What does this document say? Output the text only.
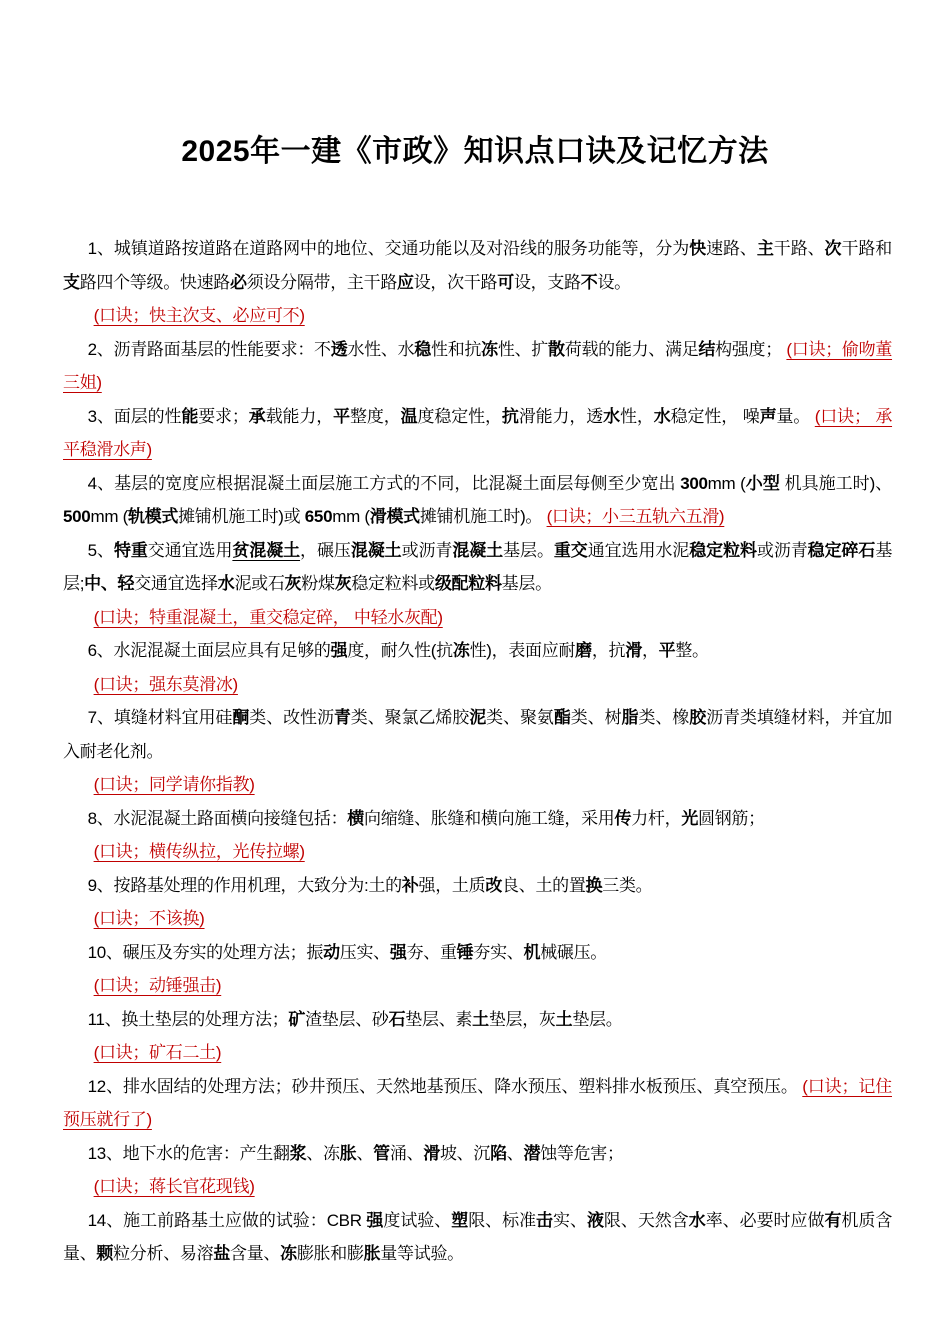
2025年一建《市政》知识点口诀及记忆方法

1、城镇道路按道路在道路网中的地位、交通功能以及对沿线的服务功能等，分为快速路、主干路、次干路和支路四个等级。快速路必须设分隔带，主干路应设，次干路可设，支路不设。

(口诀；快主次支、必应可不)

2、沥青路面基层的性能要求：不透水性、水稳性和抗冻性、扩散荷载的能力、满足结构强度； (口诀；偷吻董三姐)

3、面层的性能要求；承载能力，平整度，温度稳定性，抗滑能力，透水性，水稳定性， 噪声量。 (口诀； 承平稳滑水声)

4、基层的宽度应根据混凝土面层施工方式的不同，比混凝土面层每侧至少宽出 300mm (小型 机具施工时)、 500mm (轨模式摊铺机施工时)或 650mm (滑模式摊铺机施工时)。 (口诀；小三五轨六五滑)

5、特重交通宜选用贫混凝土，碾压混凝土或沥青混凝土基层。重交通宜选用水泥稳定粒料或沥青稳定碎石基层;中、轻交通宜选择水泥或石灰粉煤灰稳定粒料或级配粒料基层。

(口诀；特重混凝土，重交稳定碎， 中轻水灰配)

6、水泥混凝土面层应具有足够的强度，耐久性(抗冻性)，表面应耐磨，抗滑，平整。

(口诀；强东莫滑冰)

7、填缝材料宜用硅酮类、改性沥青类、聚氯乙烯胶泥类、聚氨酯类、树脂类、橡胶沥青类填缝材料，并宜加入耐老化剂。

(口诀；同学请你指教)

8、水泥混凝土路面横向接缝包括：横向缩缝、胀缝和横向施工缝，采用传力杆，光圆钢筋；

(口诀；横传纵拉，光传拉螺)

9、按路基处理的作用机理，大致分为:土的补强，土质改良、土的置换三类。

(口诀；不该换)

10、碾压及夯实的处理方法；振动压实、强夯、重锤夯实、机械碾压。

(口诀；动锤强击)

11、换土垫层的处理方法；矿渣垫层、砂石垫层、素土垫层，灰土垫层。

(口诀；矿石二土)

12、排水固结的处理方法；砂井预压、天然地基预压、降水预压、塑料排水板预压、真空预压。 (口诀；记住预压就行了)

13、地下水的危害：产生翻浆、冻胀、管涌、滑坡、沉陷、潜蚀等危害；

(口诀；蒋长官花现钱)

14、施工前路基土应做的试验：CBR 强度试验、塑限、标准击实、液限、天然含水率、必要时应做有机质含量、颗粒分析、易溶盐含量、冻膨胀和膨胀量等试验。
